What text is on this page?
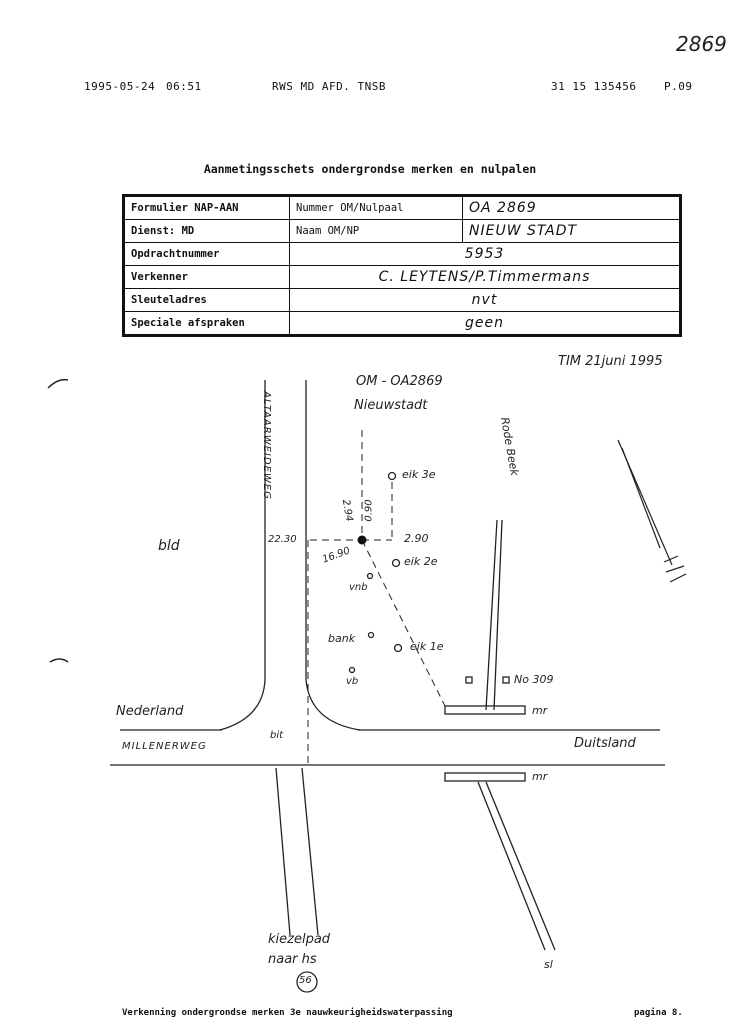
2869
1995-05-24 06:51	RWS MD AFD. TNSB	31 15 135456	P.09
Aanmetingsschets ondergrondse merken en nulpalen
Formulier NAP-AAN	Nummer OM/Nulpaal	OA 2869
Dienst: MD	Naam OM/NP	NIEUW STADT
Opdrachtnummer	5953	
Verkenner	C. LEYTENS/P.Timmermans	
Sleuteladres	nvt	
Speciale afspraken	geen	
TIM 21juni 1995
OM - OA2869
Nieuwstadt
ALTAARWEIDEWEG	Rode Beek
bld	22.30
16.90
2.94 0.90
2.90
eik 3e
eik 2e
eik 1e
vnb
bank
vb	No 309
mr
mr
Nederland
MILLENERWEG
bit
Duitsland
kiezelpad
naar hs
56
sl
Verkenning ondergrondse merken 3e nauwkeurigheidswaterpassing	pagina 8.
